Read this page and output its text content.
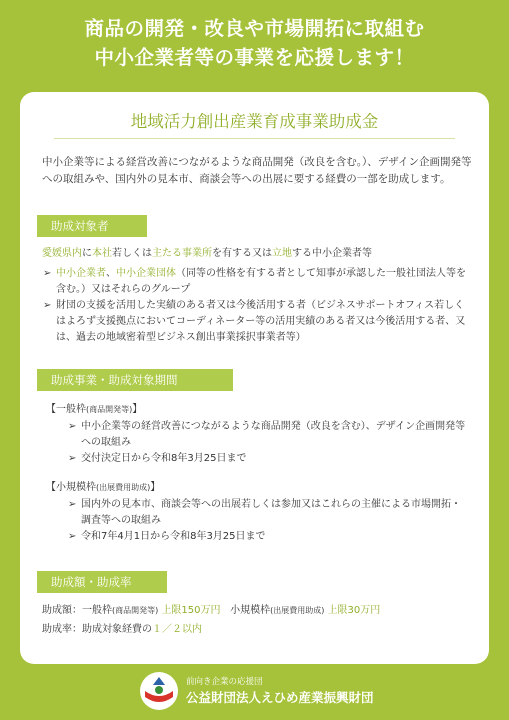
商品の開発・改良や市場開拓に取組む
中小企業者等の事業を応援します！
地域活力創出産業育成事業助成金
中小企業等による経営改善につながるような商品開発（改良を含む。）、デザイン企画開発等への取組みや、国内外の見本市、商談会等への出展に要する経費の一部を助成します。
助成対象者
愛媛県内に本社若しくは主たる事業所を有する又は立地する中小企業者等
➢ 中小企業者、中小企業団体（同等の性格を有する者として知事が承認した一般社団法人等を含む。）又はそれらのグループ
➢ 財団の支援を活用した実績のある者又は今後活用する者（ビジネスサポートオフィス若しくはよろず支援拠点においてコーディネーター等の活用実績のある者又は今後活用する者、又は、過去の地域密着型ビジネス創出事業採択事業者等）
助成事業・助成対象期間
【一般枠(商品開発等)】
➢ 中小企業等の経営改善につながるような商品開発（改良を含む）、デザイン企画開発等への取組み
➢ 交付決定日から令和8年3月25日まで
【小規模枠(出展費用助成)】
➢ 国内外の見本市、商談会等への出展若しくは参加又はこれらの主催による市場開拓・調査等への取組み
➢ 令和7年4月1日から令和8年3月25日まで
助成額・助成率
助成額：一般枠(商品開発等) 上限150万円 小規模枠(出展費用助成) 上限30万円
助成率：助成対象経費の１／２以内
前向き企業の応援団
公益財団法人えひめ産業振興財団
